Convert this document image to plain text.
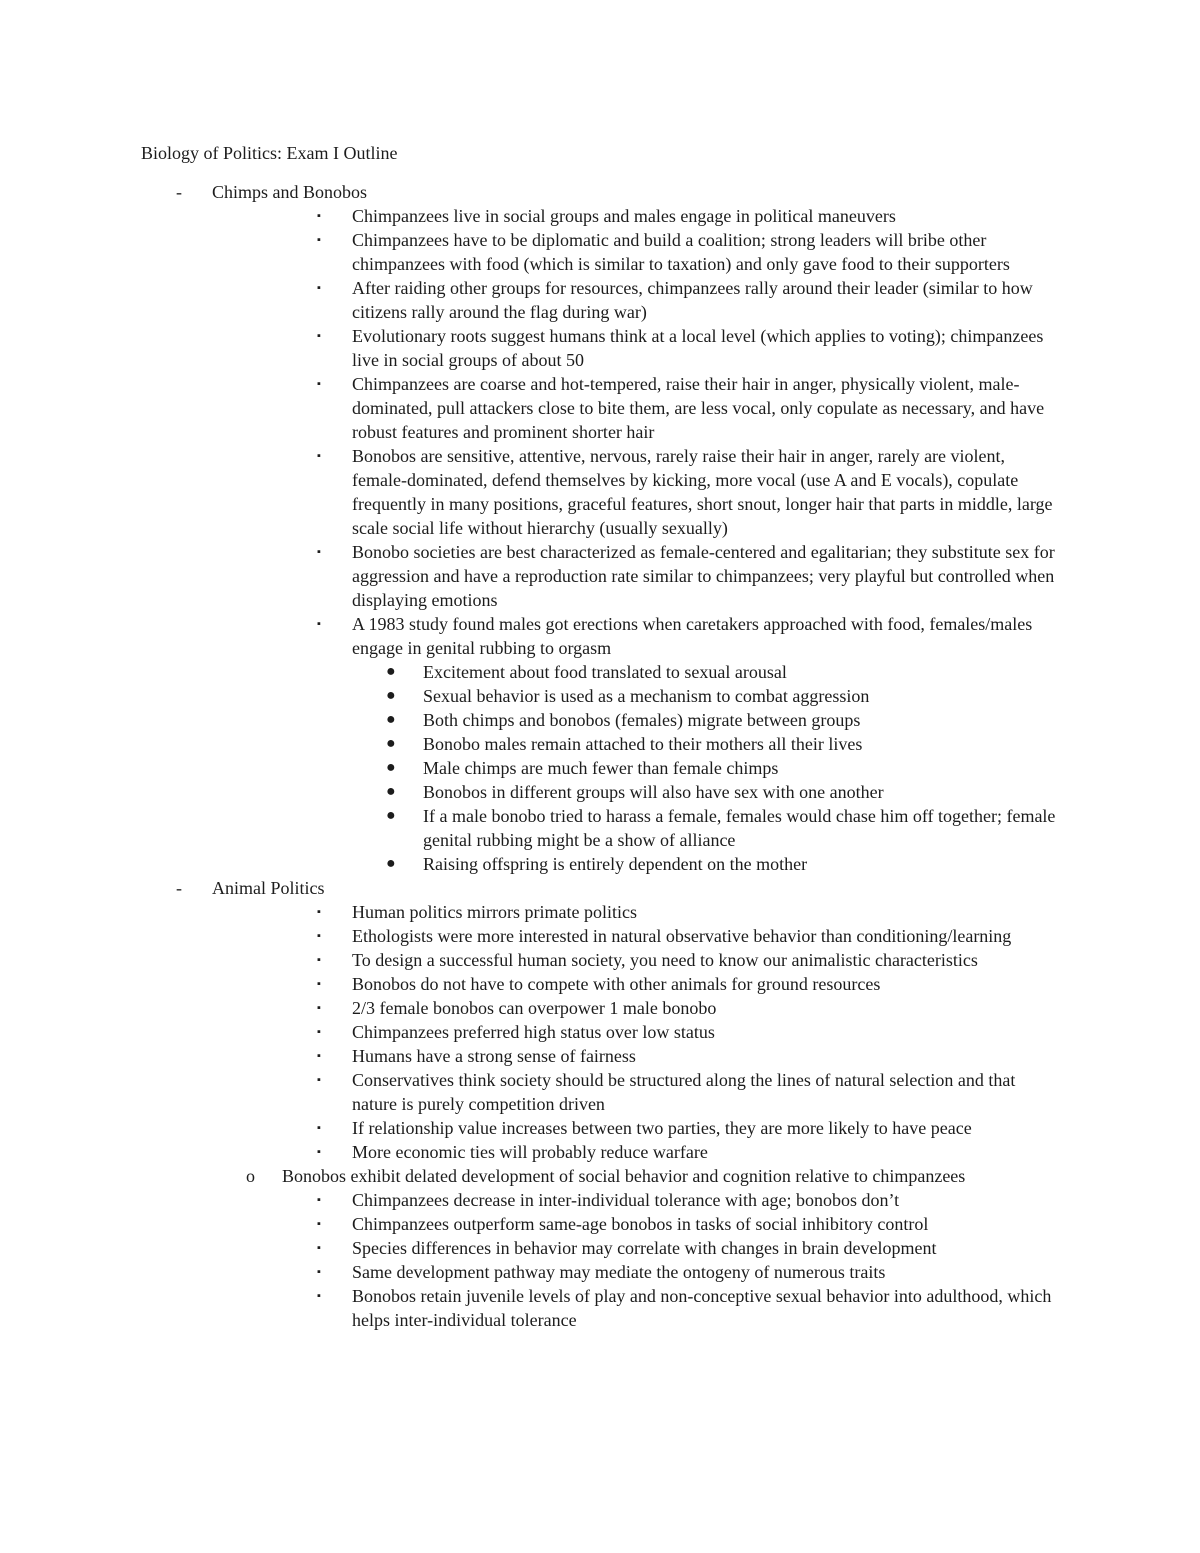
Biology of Politics: Exam I Outline
- Chimps and Bonobos
▪ Chimpanzees live in social groups and males engage in political maneuvers
▪ Chimpanzees have to be diplomatic and build a coalition; strong leaders will bribe other chimpanzees with food (which is similar to taxation) and only gave food to their supporters
▪ After raiding other groups for resources, chimpanzees rally around their leader (similar to how citizens rally around the flag during war)
▪ Evolutionary roots suggest humans think at a local level (which applies to voting); chimpanzees live in social groups of about 50
▪ Chimpanzees are coarse and hot-tempered, raise their hair in anger, physically violent, male-dominated, pull attackers close to bite them, are less vocal, only copulate as necessary, and have robust features and prominent shorter hair
▪ Bonobos are sensitive, attentive, nervous, rarely raise their hair in anger, rarely are violent, female-dominated, defend themselves by kicking, more vocal (use A and E vocals), copulate frequently in many positions, graceful features, short snout, longer hair that parts in middle, large scale social life without hierarchy (usually sexually)
▪ Bonobo societies are best characterized as female-centered and egalitarian; they substitute sex for aggression and have a reproduction rate similar to chimpanzees; very playful but controlled when displaying emotions
▪ A 1983 study found males got erections when caretakers approached with food, females/males engage in genital rubbing to orgasm
● Excitement about food translated to sexual arousal
● Sexual behavior is used as a mechanism to combat aggression
● Both chimps and bonobos (females) migrate between groups
● Bonobo males remain attached to their mothers all their lives
● Male chimps are much fewer than female chimps
● Bonobos in different groups will also have sex with one another
● If a male bonobo tried to harass a female, females would chase him off together; female genital rubbing might be a show of alliance
● Raising offspring is entirely dependent on the mother
- Animal Politics
▪ Human politics mirrors primate politics
▪ Ethologists were more interested in natural observative behavior than conditioning/learning
▪ To design a successful human society, you need to know our animalistic characteristics
▪ Bonobos do not have to compete with other animals for ground resources
▪ 2/3 female bonobos can overpower 1 male bonobo
▪ Chimpanzees preferred high status over low status
▪ Humans have a strong sense of fairness
▪ Conservatives think society should be structured along the lines of natural selection and that nature is purely competition driven
▪ If relationship value increases between two parties, they are more likely to have peace
▪ More economic ties will probably reduce warfare
o Bonobos exhibit delated development of social behavior and cognition relative to chimpanzees
▪ Chimpanzees decrease in inter-individual tolerance with age; bonobos don’t
▪ Chimpanzees outperform same-age bonobos in tasks of social inhibitory control
▪ Species differences in behavior may correlate with changes in brain development
▪ Same development pathway may mediate the ontogeny of numerous traits
▪ Bonobos retain juvenile levels of play and non-conceptive sexual behavior into adulthood, which helps inter-individual tolerance
